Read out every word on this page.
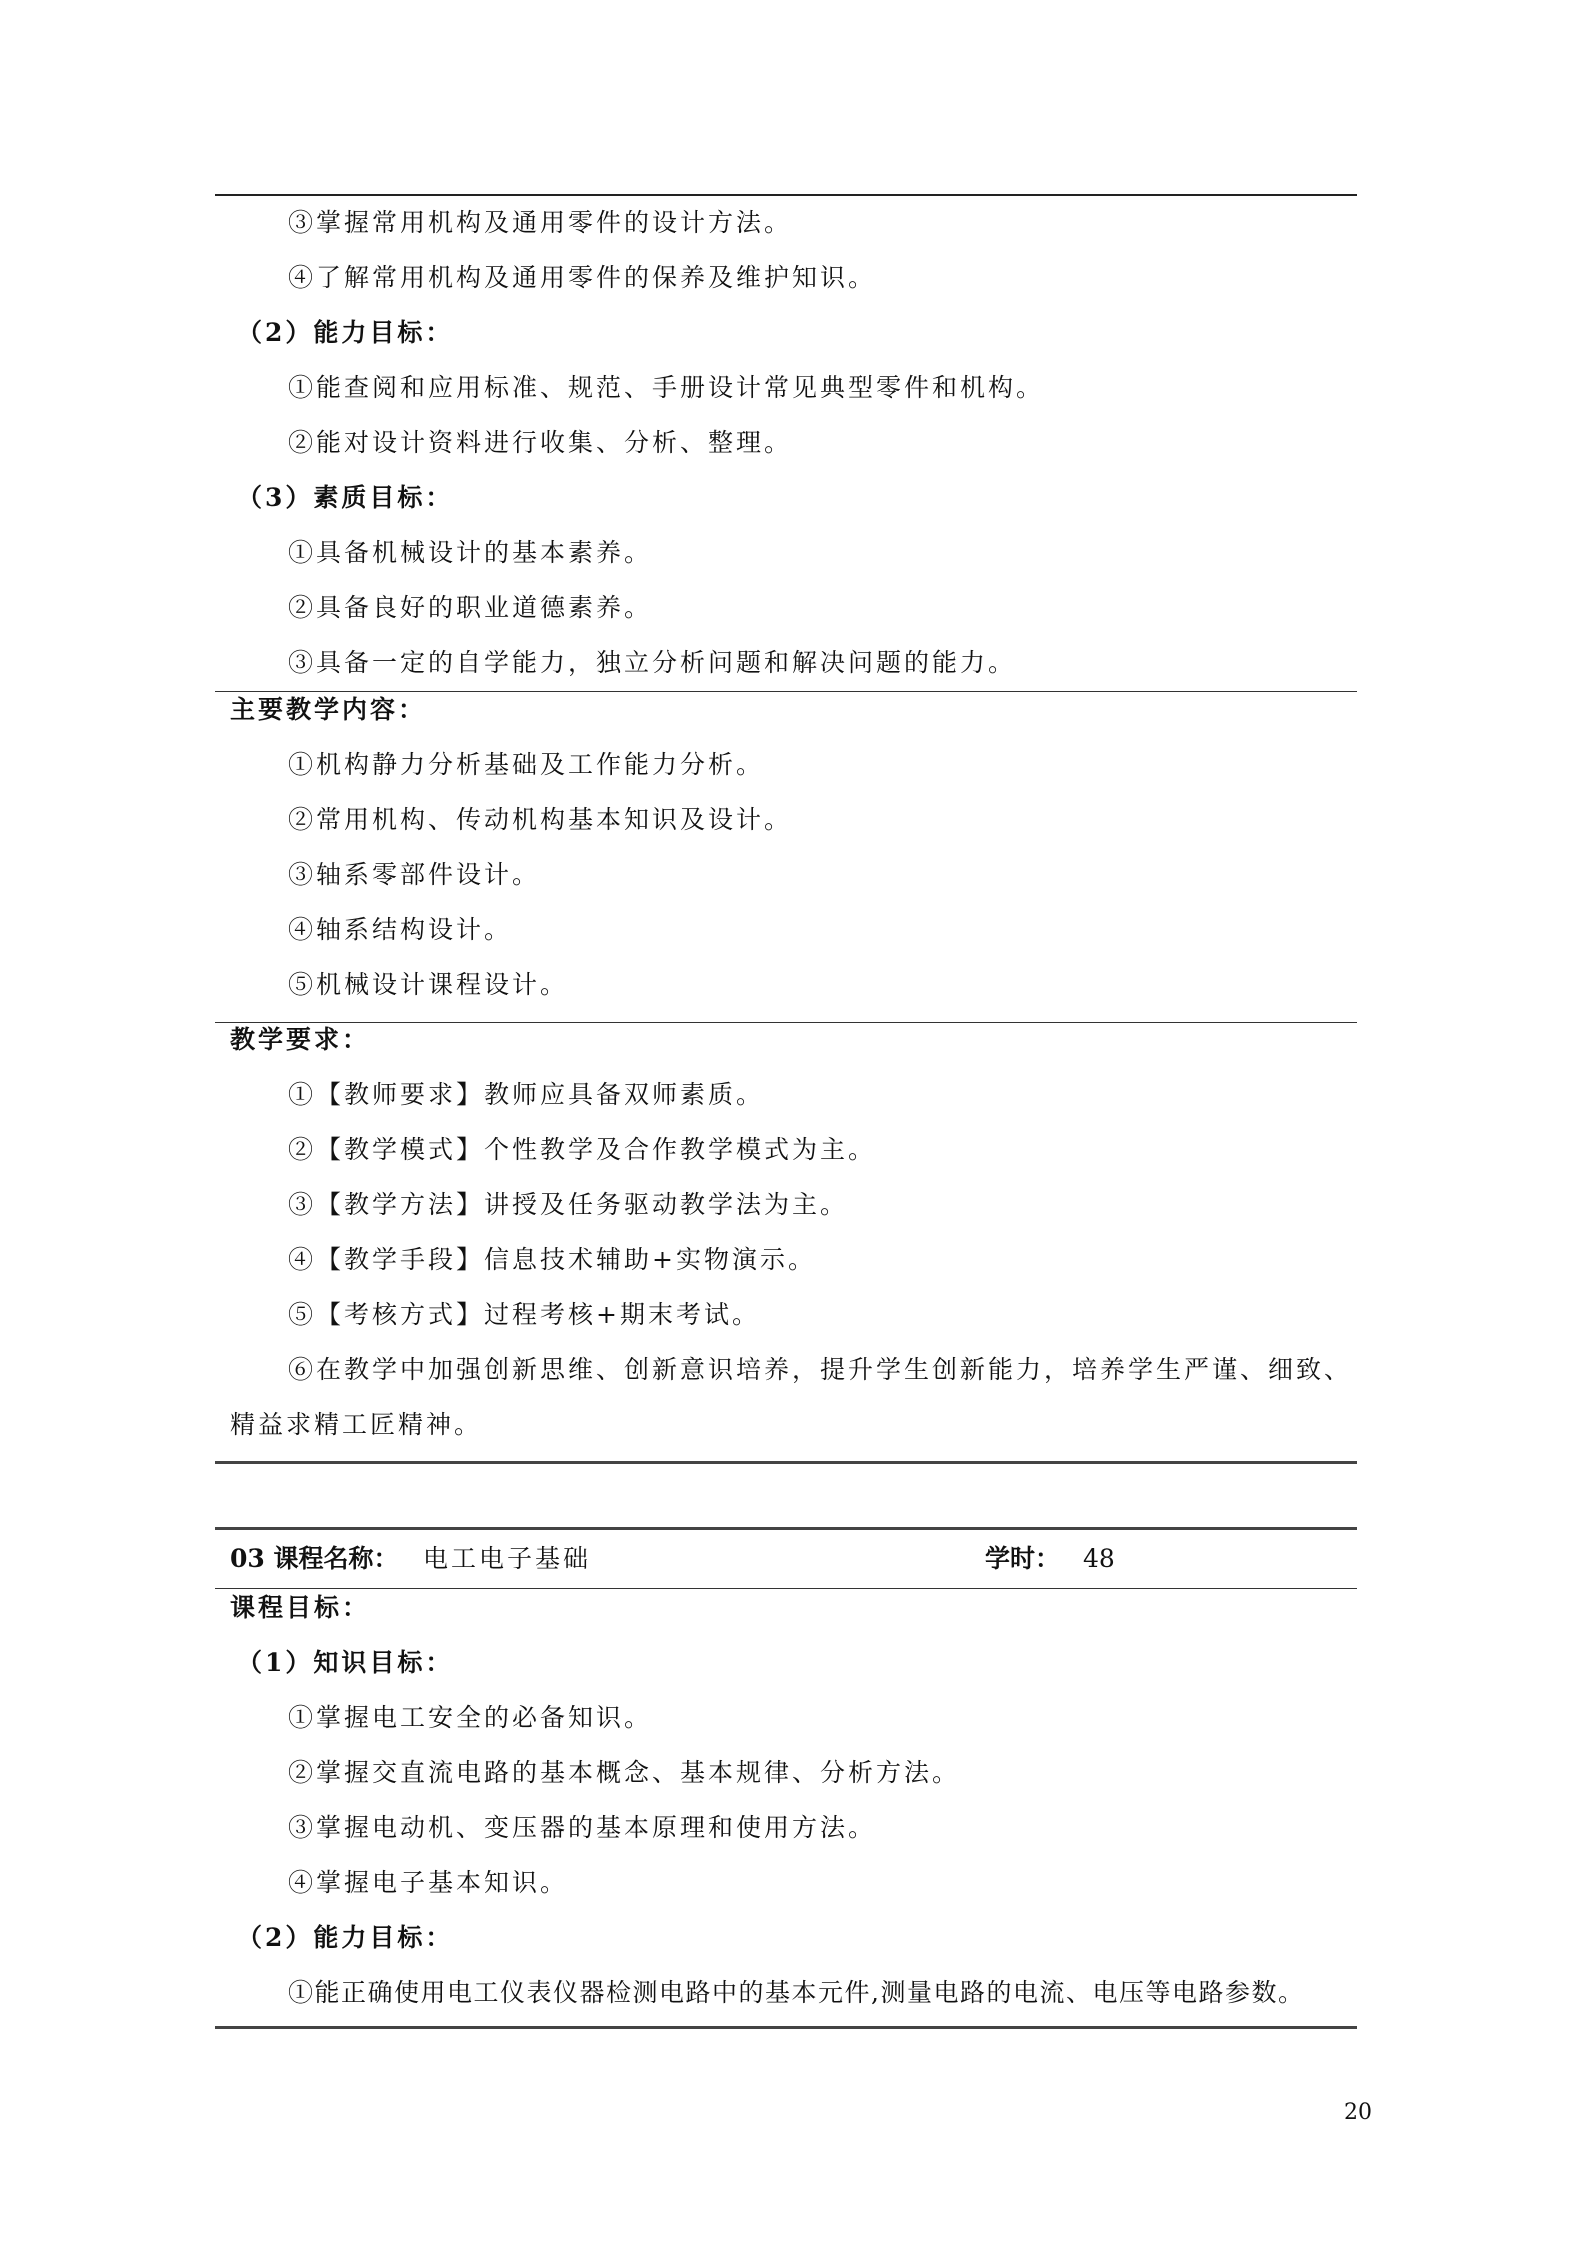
③掌握常用机构及通用零件的设计方法。
④了解常用机构及通用零件的保养及维护知识。
（2）能力目标：
①能查阅和应用标准、规范、手册设计常见典型零件和机构。
②能对设计资料进行收集、分析、整理。
（3）素质目标：
①具备机械设计的基本素养。
②具备良好的职业道德素养。
③具备一定的自学能力，独立分析问题和解决问题的能力。
主要教学内容：
①机构静力分析基础及工作能力分析。
②常用机构、传动机构基本知识及设计。
③轴系零部件设计。
④轴系结构设计。
⑤机械设计课程设计。
教学要求：
①【教师要求】教师应具备双师素质。
②【教学模式】个性教学及合作教学模式为主。
③【教学方法】讲授及任务驱动教学法为主。
④【教学手段】信息技术辅助+实物演示。
⑤【考核方式】过程考核+期末考试。
⑥在教学中加强创新思维、创新意识培养，提升学生创新能力，培养学生严谨、细致、
精益求精工匠精神。
03 课程名称： 电工电子基础	学时： 48
课程目标：
（1）知识目标：
①掌握电工安全的必备知识。
②掌握交直流电路的基本概念、基本规律、分析方法。
③掌握电动机、变压器的基本原理和使用方法。
④掌握电子基本知识。
（2）能力目标：
①能正确使用电工仪表仪器检测电路中的基本元件,测量电路的电流、电压等电路参数。
20
